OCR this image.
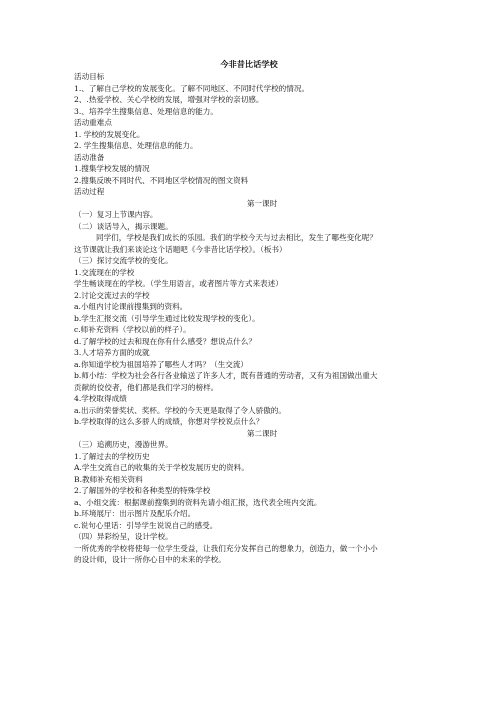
今非昔比话学校
活动目标
1.、了解自己学校的发展变化。了解不同地区、不同时代学校的情况。
2、.热爱学校、关心学校的发展，增强对学校的亲切感。
3.、培养学生搜集信息、处理信息的能力。
活动重难点
1. 学校的发展变化。
2. 学生搜集信息、处理信息的能力。
活动准备
1.搜集学校发展的情况
2.搜集反映不同时代、不同地区学校情况的图文资料
活动过程
第一课时
（一）复习上节课内容。
（二）谈话导入，揭示课题。
同学们，学校是我们成长的乐园。我们的学校今天与过去相比，发生了哪些变化呢？
这节课就让我们来谈论这个话题吧《今非昔比话学校》。（板书）
（三）探讨交流学校的变化。
1.交流现在的学校
学生畅谈现在的学校。（学生用语言，或者图片等方式来表述）
2.讨论交流过去的学校
a.小组内讨论课前搜集到的资料。
b.学生汇报交流（引导学生通过比较发现学校的变化）。
c.师补充资料（学校以前的样子）。
d.了解学校的过去和现在你有什么感受？想说点什么？
3.人才培养方面的成就
a.你知道学校为祖国培养了哪些人才吗？（生交流）
b.师小结：学校为社会各行各业输送了许多人才，既有普通的劳动者，又有为祖国做出重大
贡献的佼佼者，他们都是我们学习的榜样。
4.学校取得成绩
a.出示的荣誉奖状、奖杯。学校的今天更是取得了令人骄傲的。
b.学校取得的这么多骄人的成绩，你想对学校说点什么？
第二课时
（三）追溯历史，漫游世界。
1.了解过去的学校历史
A.学生交流自己的收集的关于学校发展历史的资料。
B.教师补充相关资料
2.了解国外的学校和各种类型的特殊学校
a、小组交流：根据课前搜集到的资料先请小组汇报，选代表全班内交流。
b.环境展厅：出示图片及配乐介绍。
c.说句心里话：引导学生说说自己的感受。
（四）异彩纷呈，设计学校。
一所优秀的学校将使每一位学生受益，让我们充分发挥自己的想象力，创造力，做一个小小
的设计师，设计一所你心目中的未来的学校。
